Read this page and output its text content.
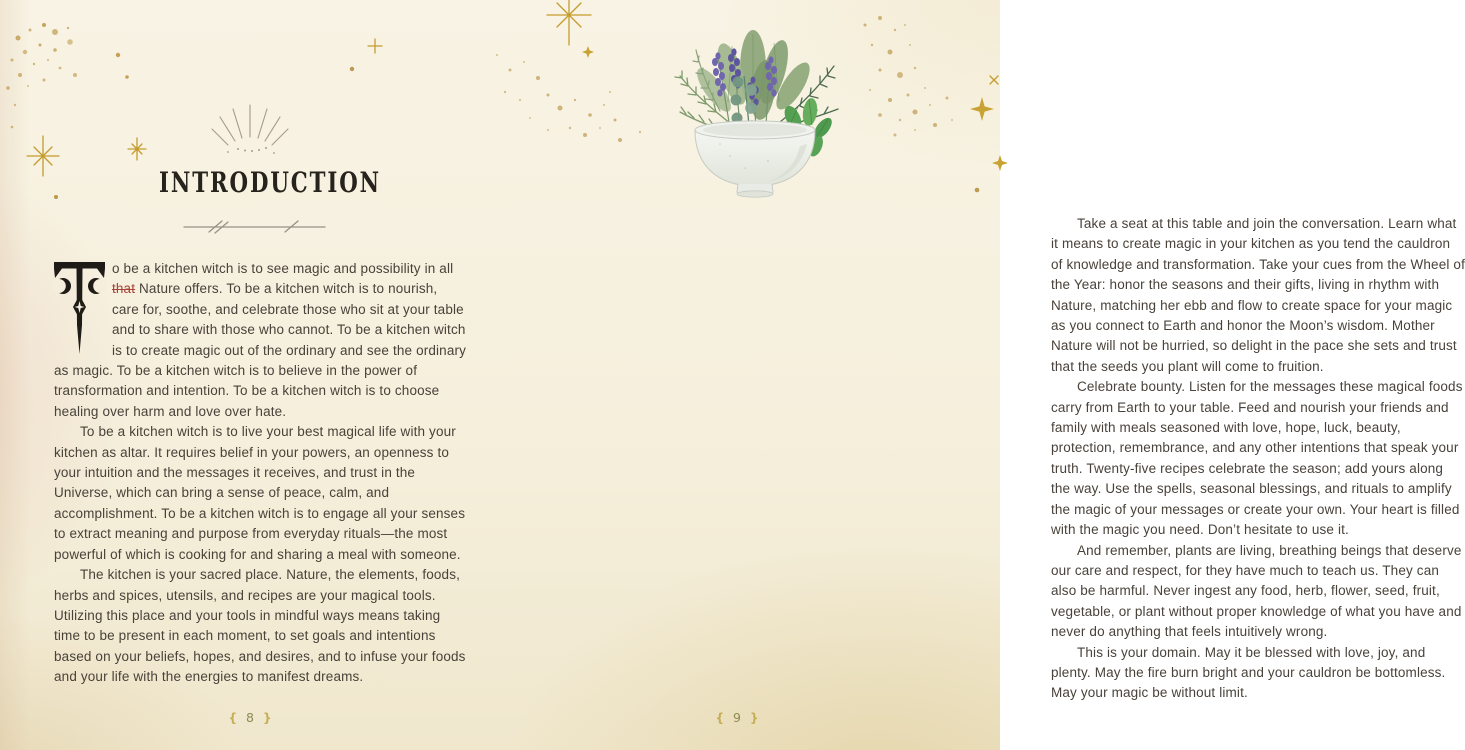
INTRODUCTION

o be a kitchen witch is to see magic and possibility in all that Nature offers. To be a kitchen witch is to nourish, care for, soothe, and celebrate those who sit at your table and to share with those who cannot. To be a kitchen witch is to create magic out of the ordinary and see the ordinary as magic. To be a kitchen witch is to believe in the power of transformation and intention. To be a kitchen witch is to choose healing over harm and love over hate.

To be a kitchen witch is to live your best magical life with your kitchen as altar. It requires belief in your powers, an openness to your intuition and the messages it receives, and trust in the Universe, which can bring a sense of peace, calm, and accomplishment. To be a kitchen witch is to engage all your senses to extract meaning and purpose from everyday rituals—the most powerful of which is cooking for and sharing a meal with someone.

The kitchen is your sacred place. Nature, the elements, foods, herbs and spices, utensils, and recipes are your magical tools. Utilizing this place and your tools in mindful ways means taking time to be present in each moment, to set goals and intentions based on your beliefs, hopes, and desires, and to infuse your foods and your life with the energies to manifest dreams.

{ 8 }

Take a seat at this table and join the conversation. Learn what it means to create magic in your kitchen as you tend the cauldron of knowledge and transformation. Take your cues from the Wheel of the Year: honor the seasons and their gifts, living in rhythm with Nature, matching her ebb and flow to create space for your magic as you connect to Earth and honor the Moon’s wisdom. Mother Nature will not be hurried, so delight in the pace she sets and trust that the seeds you plant will come to fruition.

Celebrate bounty. Listen for the messages these magical foods carry from Earth to your table. Feed and nourish your friends and family with meals seasoned with love, hope, luck, beauty, protection, remembrance, and any other intentions that speak your truth. Twenty-five recipes celebrate the season; add yours along the way. Use the spells, seasonal blessings, and rituals to amplify the magic of your messages or create your own. Your heart is filled with the magic you need. Don’t hesitate to use it.

And remember, plants are living, breathing beings that deserve our care and respect, for they have much to teach us. They can also be harmful. Never ingest any food, herb, flower, seed, fruit, vegetable, or plant without proper knowledge of what you have and never do anything that feels intuitively wrong.

This is your domain. May it be blessed with love, joy, and plenty. May the fire burn bright and your cauldron be bottomless. May your magic be without limit.

{ 9 }
